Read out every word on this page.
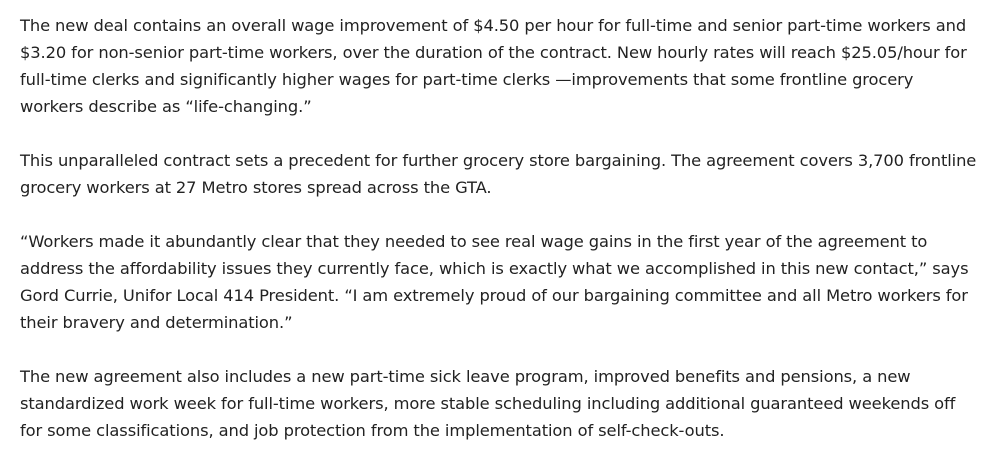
The new deal contains an overall wage improvement of $4.50 per hour for full-time and senior part-time workers and $3.20 for non-senior part-time workers, over the duration of the contract. New hourly rates will reach $25.05/hour for full-time clerks and significantly higher wages for part-time clerks —improvements that some frontline grocery workers describe as “life-changing.”

This unparalleled contract sets a precedent for further grocery store bargaining. The agreement covers 3,700 frontline grocery workers at 27 Metro stores spread across the GTA.

“Workers made it abundantly clear that they needed to see real wage gains in the first year of the agreement to address the affordability issues they currently face, which is exactly what we accomplished in this new contact,” says Gord Currie, Unifor Local 414 President. “I am extremely proud of our bargaining committee and all Metro workers for their bravery and determination.”

The new agreement also includes a new part-time sick leave program, improved benefits and pensions, a new standardized work week for full-time workers, more stable scheduling including additional guaranteed weekends off for some classifications, and job protection from the implementation of self-check-outs.
